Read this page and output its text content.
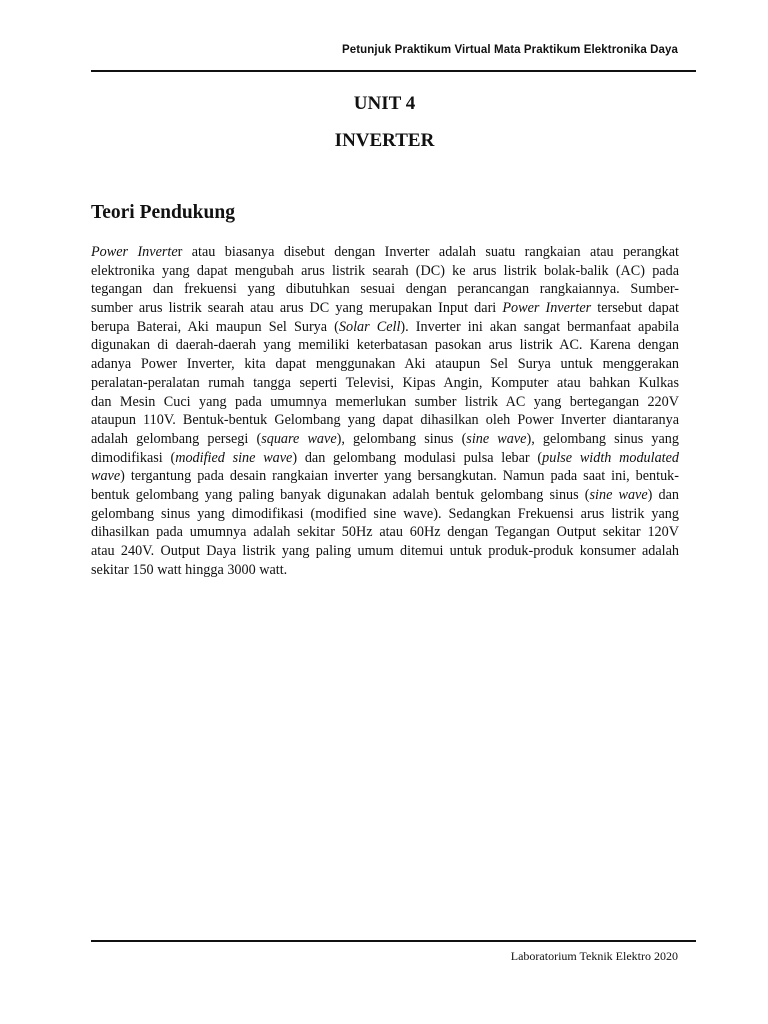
Petunjuk Praktikum Virtual Mata Praktikum Elektronika Daya
UNIT 4
INVERTER
Teori Pendukung
Power Inverter atau biasanya disebut dengan Inverter adalah suatu rangkaian atau perangkat
elektronika yang dapat mengubah arus listrik searah (DC) ke arus listrik bolak-balik (AC) pada
tegangan dan frekuensi yang dibutuhkan sesuai dengan perancangan rangkaiannya. Sumber-
sumber arus listrik searah atau arus DC yang merupakan Input dari Power Inverter tersebut dapat
berupa Baterai, Aki maupun Sel Surya (Solar Cell). Inverter ini akan sangat bermanfaat apabila
digunakan di daerah-daerah yang memiliki keterbatasan pasokan arus listrik AC. Karena dengan
adanya Power Inverter, kita dapat menggunakan Aki ataupun Sel Surya untuk menggerakan
peralatan-peralatan rumah tangga seperti Televisi, Kipas Angin, Komputer atau bahkan Kulkas
dan Mesin Cuci yang pada umumnya memerlukan sumber listrik AC yang bertegangan 220V
ataupun 110V. Bentuk-bentuk Gelombang yang dapat dihasilkan oleh Power Inverter diantaranya
adalah gelombang persegi (square wave), gelombang sinus (sine wave), gelombang sinus yang
dimodifikasi (modified sine wave) dan gelombang modulasi pulsa lebar (pulse width modulated
wave) tergantung pada desain rangkaian inverter yang bersangkutan. Namun pada saat ini, bentuk-
bentuk gelombang yang paling banyak digunakan adalah bentuk gelombang sinus (sine wave) dan
gelombang sinus yang dimodifikasi (modified sine wave). Sedangkan Frekuensi arus listrik yang
dihasilkan pada umumnya adalah sekitar 50Hz atau 60Hz dengan Tegangan Output sekitar 120V
atau 240V. Output Daya listrik yang paling umum ditemui untuk produk-produk konsumer adalah
sekitar 150 watt hingga 3000 watt.
Laboratorium Teknik Elektro 2020
